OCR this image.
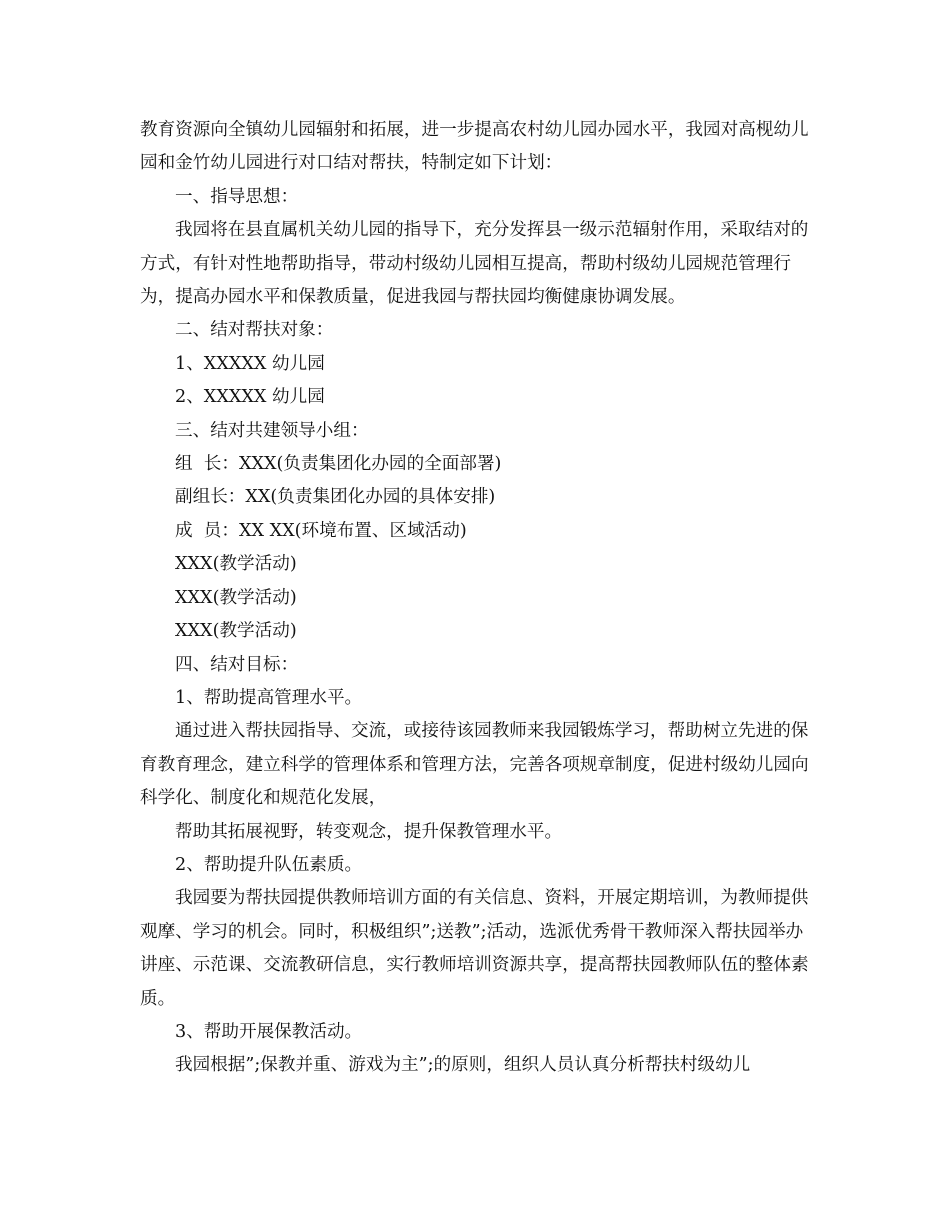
教育资源向全镇幼儿园辐射和拓展，进一步提高农村幼儿园办园水平，我园对高枧幼儿园和金竹幼儿园进行对口结对帮扶，特制定如下计划：

一、指导思想：

我园将在县直属机关幼儿园的指导下，充分发挥县一级示范辐射作用，采取结对的方式，有针对性地帮助指导，带动村级幼儿园相互提高，帮助村级幼儿园规范管理行为，提高办园水平和保教质量，促进我园与帮扶园均衡健康协调发展。

二、结对帮扶对象：

1、XXXXX 幼儿园

2、XXXXX 幼儿园

三、结对共建领导小组：

组  长：XXX(负责集团化办园的全面部署)

副组长：XX(负责集团化办园的具体安排)

成  员：XX XX(环境布置、区域活动)

XXX(教学活动)

XXX(教学活动)

XXX(教学活动)

四、结对目标：

1、帮助提高管理水平。

通过进入帮扶园指导、交流，或接待该园教师来我园锻炼学习，帮助树立先进的保育教育理念，建立科学的管理体系和管理方法，完善各项规章制度，促进村级幼儿园向科学化、制度化和规范化发展，

帮助其拓展视野，转变观念，提升保教管理水平。

2、帮助提升队伍素质。

我园要为帮扶园提供教师培训方面的有关信息、资料，开展定期培训，为教师提供观摩、学习的机会。同时，积极组织”;送教”;活动，选派优秀骨干教师深入帮扶园举办讲座、示范课、交流教研信息，实行教师培训资源共享，提高帮扶园教师队伍的整体素质。

3、帮助开展保教活动。

我园根据”;保教并重、游戏为主”;的原则，组织人员认真分析帮扶村级幼儿
